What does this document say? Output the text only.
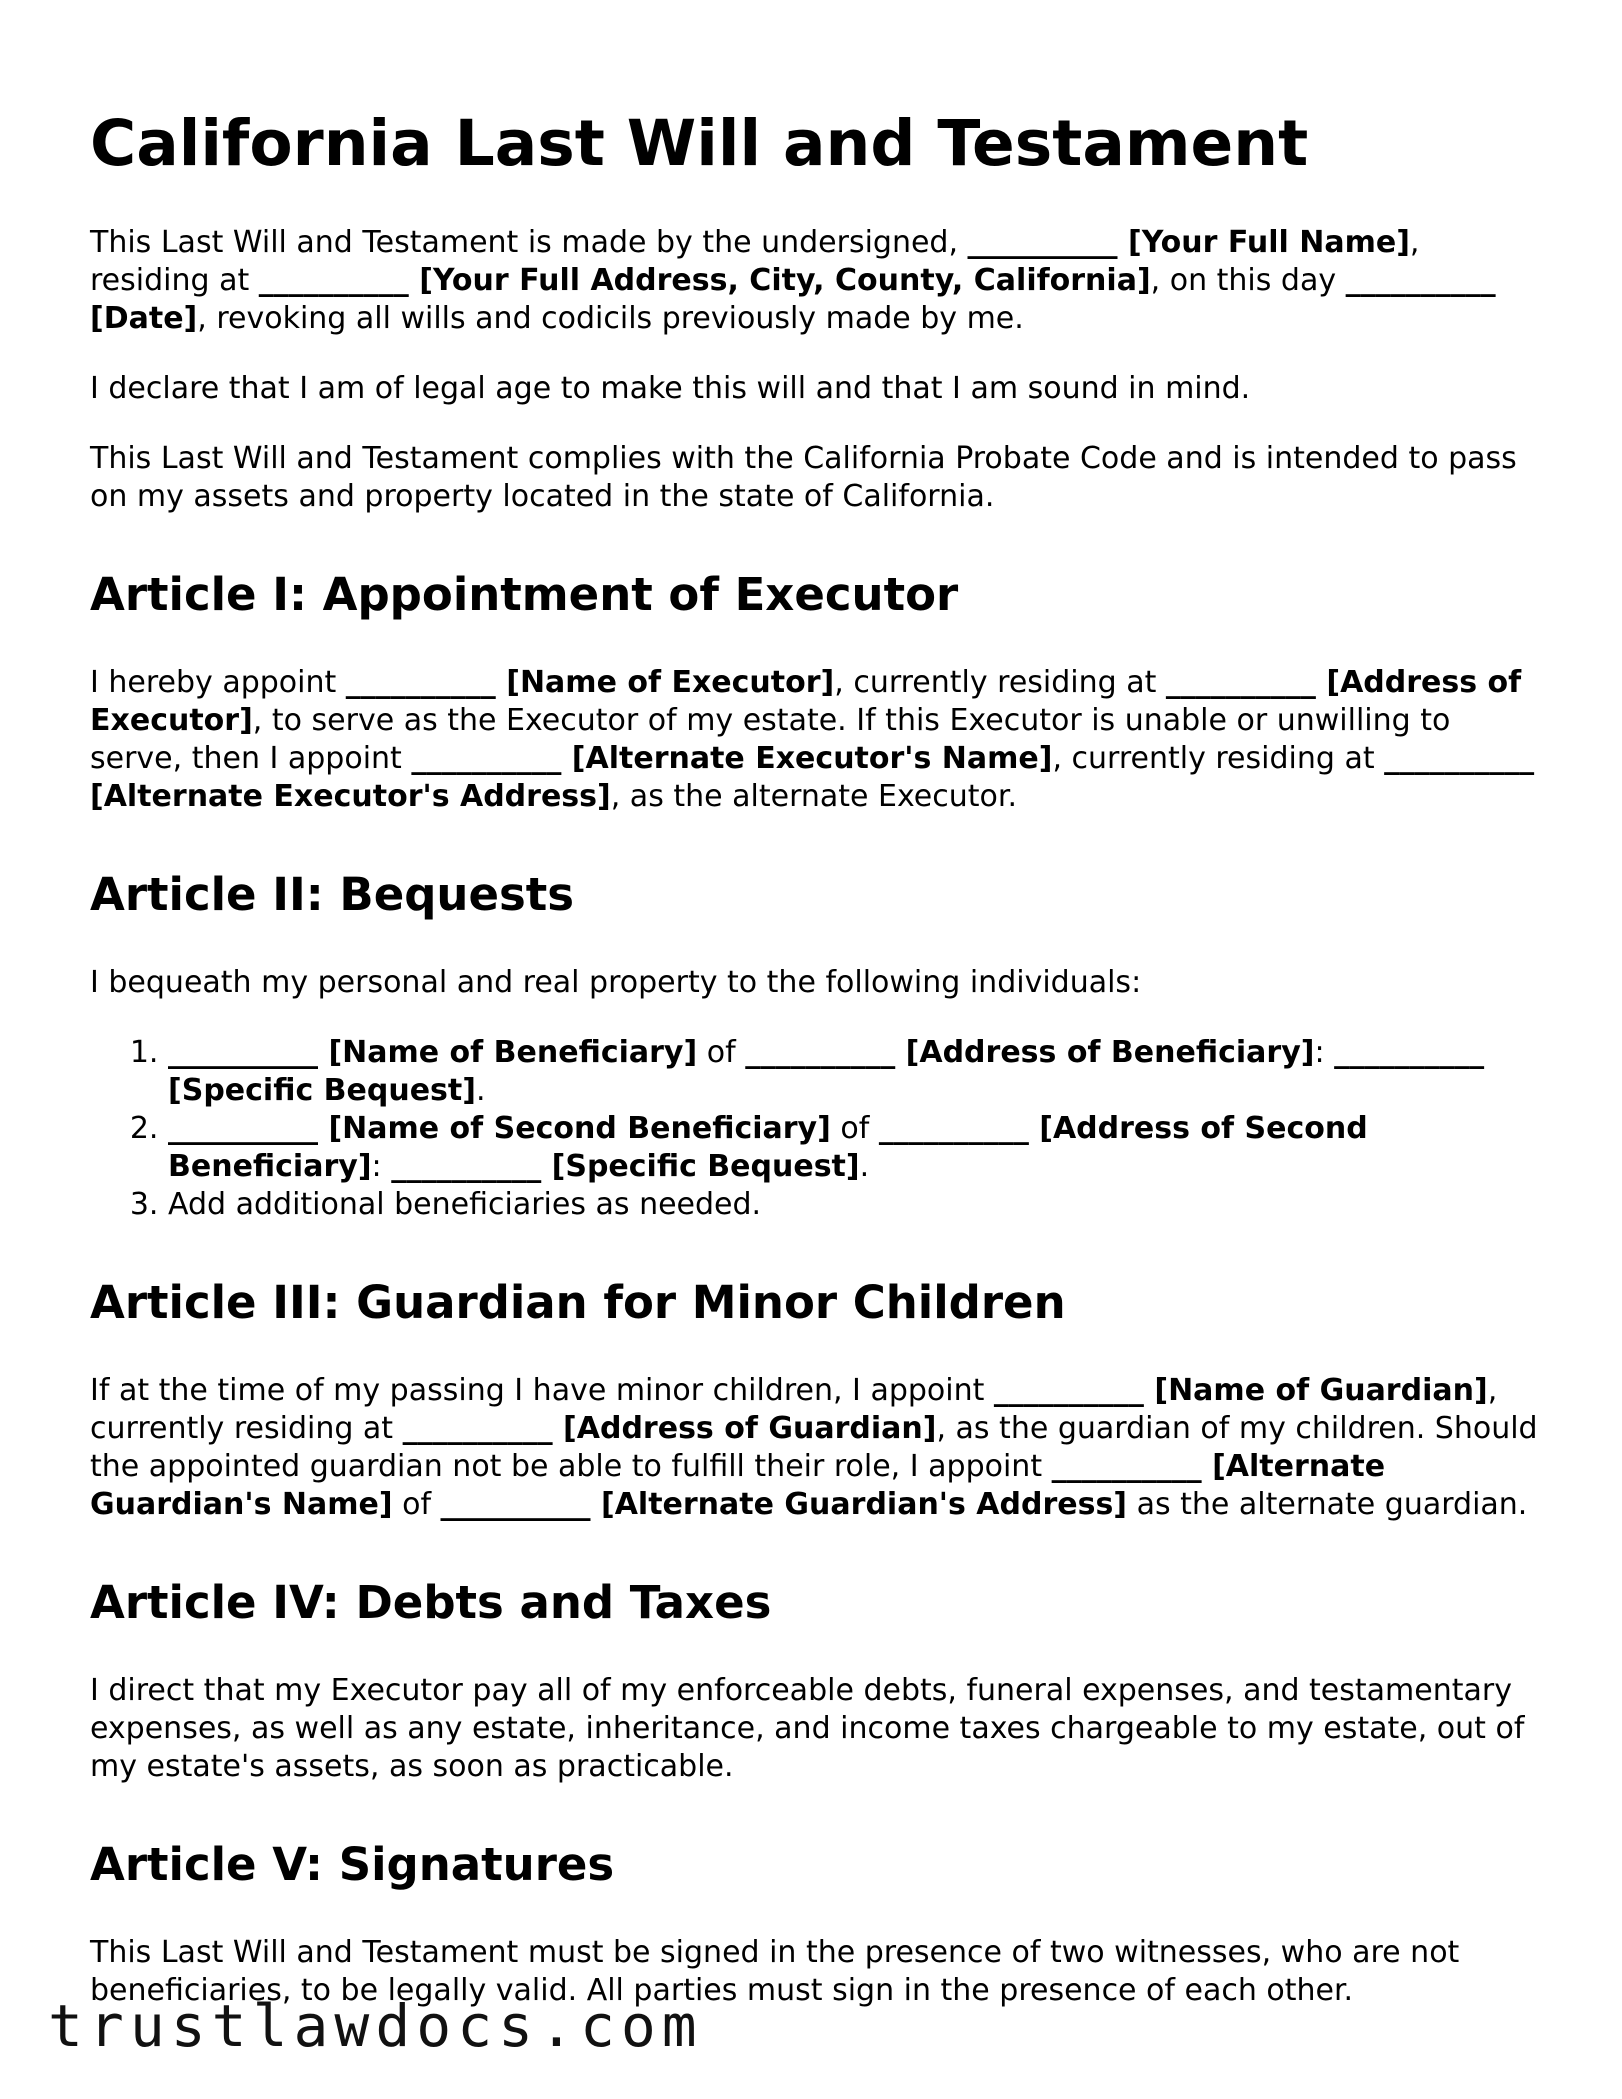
California Last Will and Testament

This Last Will and Testament is made by the undersigned, __________ [Your Full Name], residing at __________ [Your Full Address, City, County, California], on this day __________ [Date], revoking all wills and codicils previously made by me.

I declare that I am of legal age to make this will and that I am sound in mind.

This Last Will and Testament complies with the California Probate Code and is intended to pass on my assets and property located in the state of California.

Article I: Appointment of Executor

I hereby appoint __________ [Name of Executor], currently residing at __________ [Address of Executor], to serve as the Executor of my estate. If this Executor is unable or unwilling to serve, then I appoint __________ [Alternate Executor's Name], currently residing at __________ [Alternate Executor's Address], as the alternate Executor.

Article II: Bequests

I bequeath my personal and real property to the following individuals:

1. __________ [Name of Beneficiary] of __________ [Address of Beneficiary]: __________ [Specific Bequest].
2. __________ [Name of Second Beneficiary] of __________ [Address of Second Beneficiary]: __________ [Specific Bequest].
3. Add additional beneficiaries as needed.
Article III: Guardian for Minor Children

If at the time of my passing I have minor children, I appoint __________ [Name of Guardian], currently residing at __________ [Address of Guardian], as the guardian of my children. Should the appointed guardian not be able to fulfill their role, I appoint __________ [Alternate Guardian's Name] of __________ [Alternate Guardian's Address] as the alternate guardian.

Article IV: Debts and Taxes

I direct that my Executor pay all of my enforceable debts, funeral expenses, and testamentary expenses, as well as any estate, inheritance, and income taxes chargeable to my estate, out of my estate's assets, as soon as practicable.

Article V: Signatures

This Last Will and Testament must be signed in the presence of two witnesses, who are not beneficiaries, to be legally valid. All parties must sign in the presence of each other.

trustlawdocs.com
